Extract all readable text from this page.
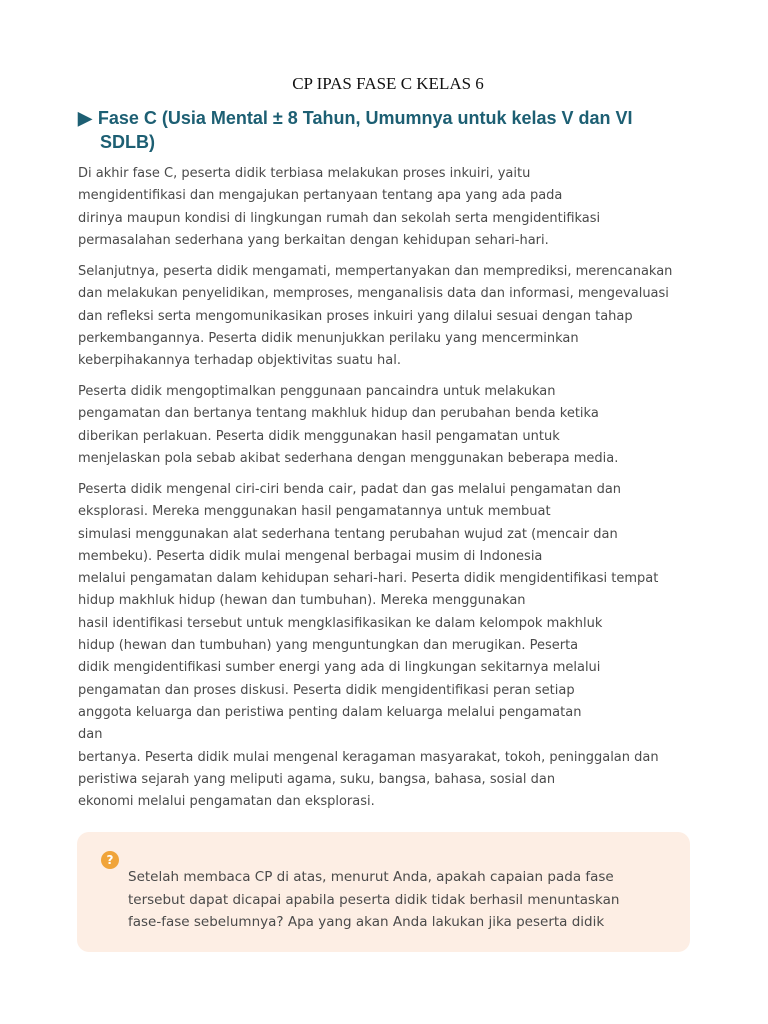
CP IPAS FASE C KELAS 6
▶ Fase C (Usia Mental ± 8 Tahun, Umumnya untuk kelas V dan VI
SDLB)

Di akhir fase C, peserta didik terbiasa melakukan proses inkuiri, yaitu
mengidentifikasi dan mengajukan pertanyaan tentang apa yang ada pada
dirinya maupun kondisi di lingkungan rumah dan sekolah serta mengidentifikasi
permasalahan sederhana yang berkaitan dengan kehidupan sehari-hari.

Selanjutnya, peserta didik mengamati, mempertanyakan dan memprediksi, merencanakan
dan melakukan penyelidikan, memproses, menganalisis data dan informasi, mengevaluasi
dan refleksi serta mengomunikasikan proses inkuiri yang dilalui sesuai dengan tahap
perkembangannya. Peserta didik menunjukkan perilaku yang mencerminkan
keberpihakannya terhadap objektivitas suatu hal.

Peserta didik mengoptimalkan penggunaan pancaindra untuk melakukan
pengamatan dan bertanya tentang makhluk hidup dan perubahan benda ketika
diberikan perlakuan. Peserta didik menggunakan hasil pengamatan untuk
menjelaskan pola sebab akibat sederhana dengan menggunakan beberapa media.

Peserta didik mengenal ciri-ciri benda cair, padat dan gas melalui pengamatan dan
eksplorasi. Mereka menggunakan hasil pengamatannya untuk membuat
simulasi menggunakan alat sederhana tentang perubahan wujud zat (mencair dan
membeku). Peserta didik mulai mengenal berbagai musim di Indonesia
melalui pengamatan dalam kehidupan sehari-hari. Peserta didik mengidentifikasi tempat
hidup makhluk hidup (hewan dan tumbuhan). Mereka menggunakan
hasil identifikasi tersebut untuk mengklasifikasikan ke dalam kelompok makhluk
hidup (hewan dan tumbuhan) yang menguntungkan dan merugikan. Peserta
didik mengidentifikasi sumber energi yang ada di lingkungan sekitarnya melalui
pengamatan dan proses diskusi. Peserta didik mengidentifikasi peran setiap
anggota keluarga dan peristiwa penting dalam keluarga melalui pengamatan
dan
bertanya. Peserta didik mulai mengenal keragaman masyarakat, tokoh, peninggalan dan
peristiwa sejarah yang meliputi agama, suku, bangsa, bahasa, sosial dan
ekonomi melalui pengamatan dan eksplorasi.

?

Setelah membaca CP di atas, menurut Anda, apakah capaian pada fase
tersebut dapat dicapai apabila peserta didik tidak berhasil menuntaskan
fase-fase sebelumnya? Apa yang akan Anda lakukan jika peserta didik
